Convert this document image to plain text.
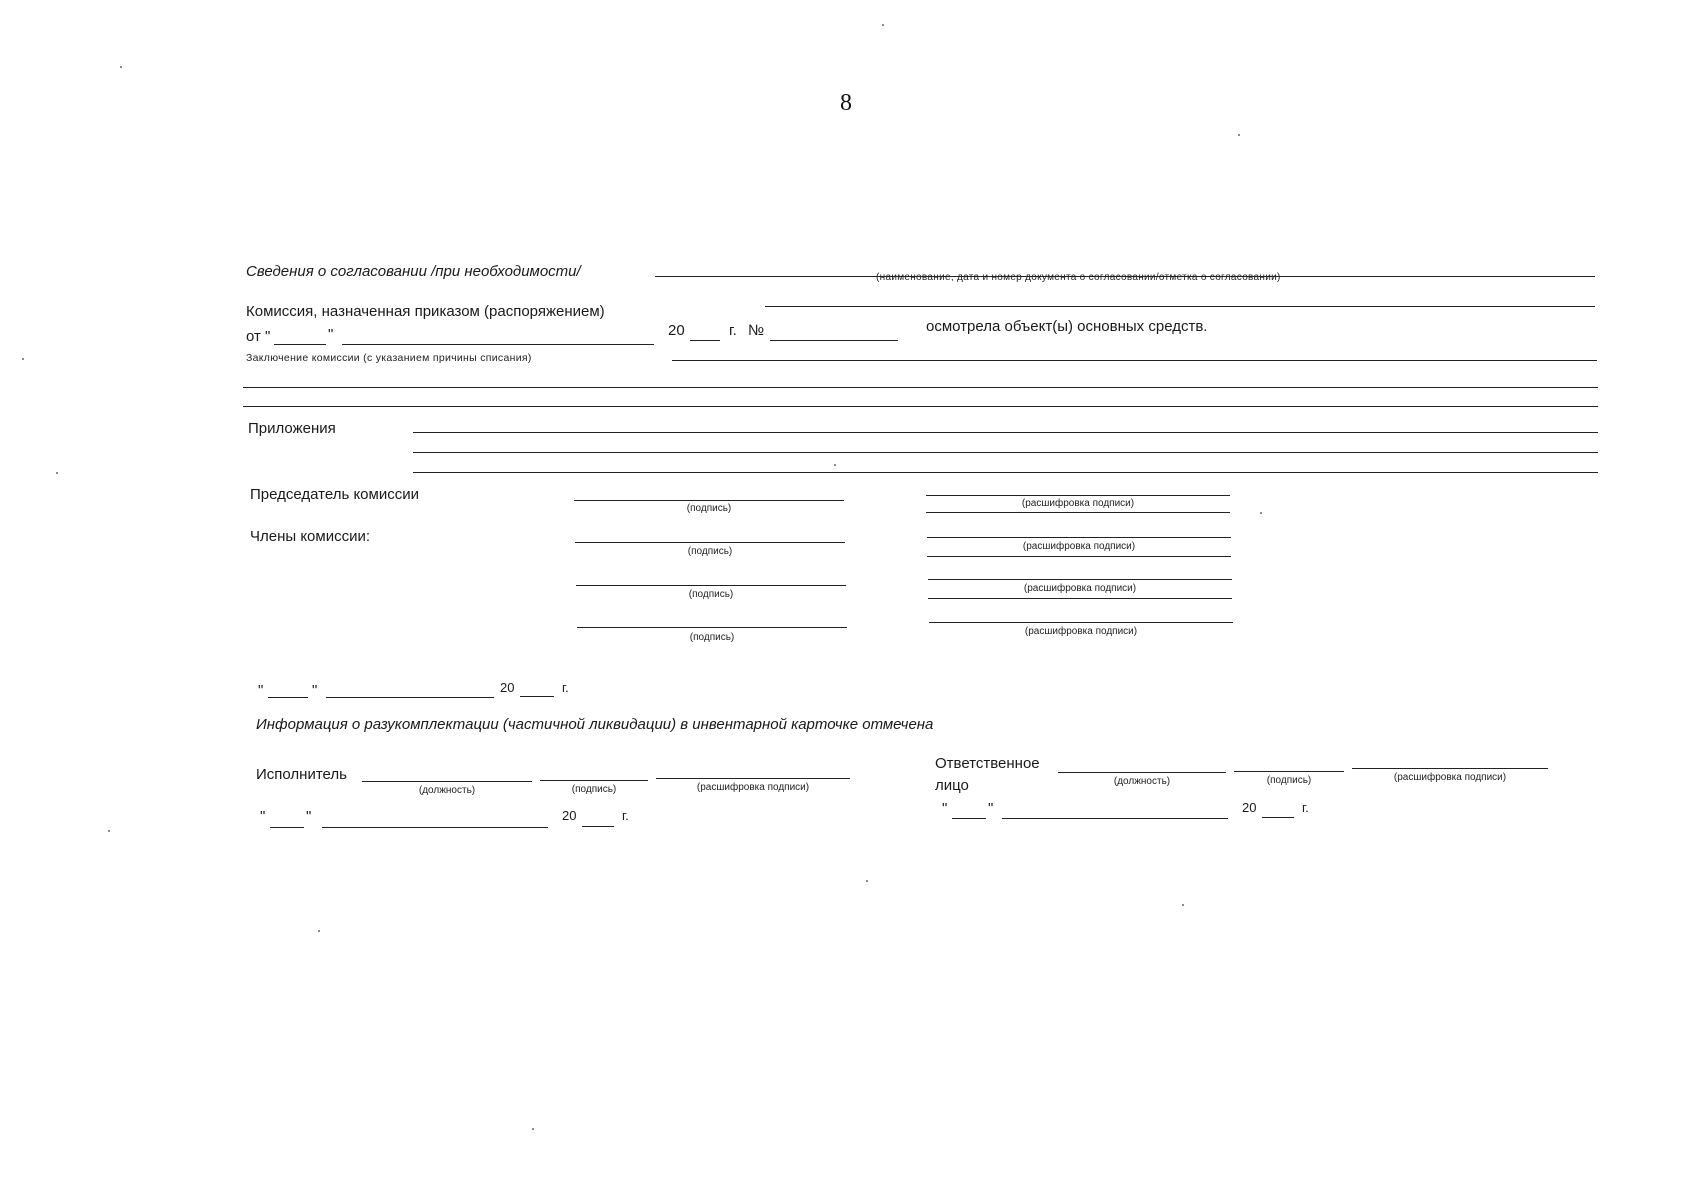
8
Сведения о согласовании /при необходимости/	(наименование, дата и номер документа о согласовании/отметка о согласовании)
Комиссия, назначенная приказом (распоряжением)
от "	"	20	г. №	осмотрела объект(ы) основных средств.
Заключение комиссии (с указанием причины списания)
Приложения
Председатель комиссии
(подпись)	(расшифровка подписи)
Члены комиссии:
(подпись)	(расшифровка подписи)
(подпись)
(расшифровка подписи)
(подпись)
(расшифровка подписи)
"	"	20	г.
Информация о разукомплектации (частичной ликвидации) в инвентарной карточке отмечена
Исполнитель
(должность)	(подпись)	(расшифровка подписи)
"	"	20	г.
Ответственное
лицо	(должность)	(подпись)	(расшифровка подписи)
"	"	20	г.
